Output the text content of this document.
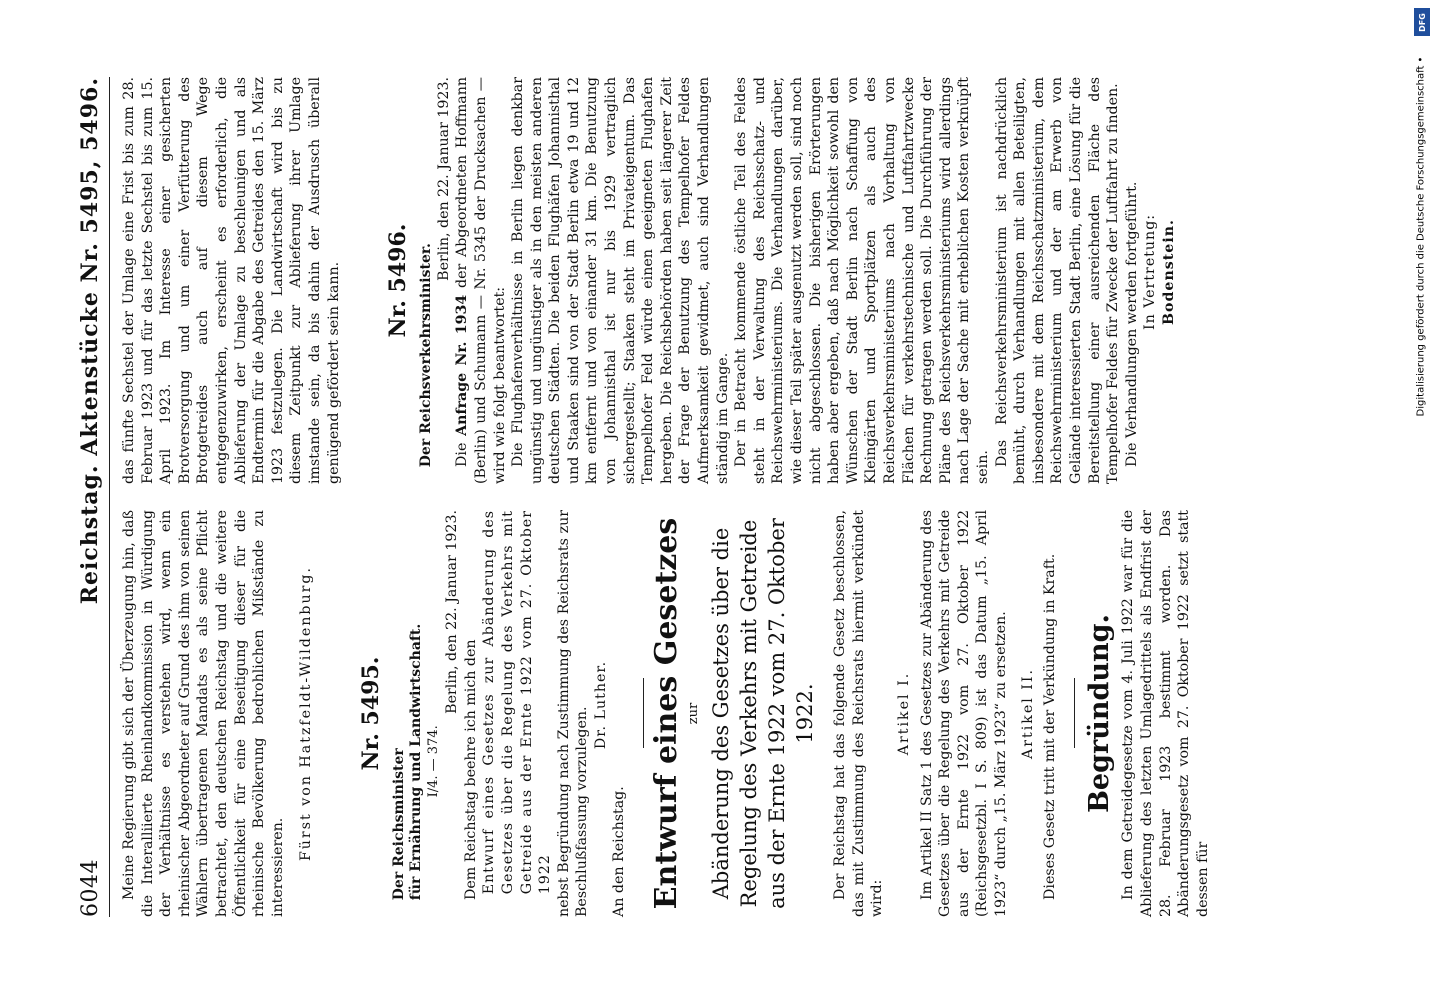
6044
Reichstag. Aktenstücke Nr. 5495, 5496.

Meine Regierung gibt sich der Überzeugung hin, daß die Interalliierte Rheinlandkommission in Würdigung der Verhältnisse es verstehen wird, wenn ein rheinischer Abgeordneter auf Grund des ihm von seinen Wählern übertragenen Mandats es als seine Pflicht betrachtet, den deutschen Reichstag und die weitere Öffentlichkeit für eine Beseitigung dieser für die rheinische Bevölkerung bedrohlichen Mißstände zu interessieren.

Fürst von Hatzfeldt-Wildenburg. Nr. 5495.

Der Reichsminister für Ernährung und Landwirtschaft. I/4. — 374.

Berlin, den 22. Januar 1923.

Dem Reichstag beehre ich mich den Entwurf eines Gesetzes zur Abänderung des Gesetzes über die Regelung des Verkehrs mit Getreide aus der Ernte 1922 vom 27. Oktober 1922 nebst Begründung nach Zustimmung des Reichsrats zur Beschlußfassung vorzulegen.

Dr. Luther.

An den Reichstag. Entwurf eines Gesetzes zur Abänderung des Gesetzes über die Regelung des Verkehrs mit Getreide aus der Ernte 1922 vom 27. Oktober 1922. Der Reichstag hat das folgende Gesetz beschlossen, das mit Zustimmung des Reichsrats hiermit verkündet wird:

Artikel I. Im Artikel II Satz 1 des Gesetzes zur Abänderung des Gesetzes über die Regelung des Verkehrs mit Getreide aus der Ernte 1922 vom 27. Oktober 1922 (Reichsgesetzbl. I S. 809) ist das Datum „15. April 1923“ durch „15. März 1923“ zu ersetzen. Artikel II. Dieses Gesetz tritt mit der Verkündung in Kraft. Begründung. In dem Getreidegesetze vom 4. Juli 1922 war für die Ablieferung des letzten Umlagedrittels als Endfrist der 28. Februar 1923 bestimmt worden. Das Abänderungsgesetz vom 27. Oktober 1922 setzt statt dessen für

das fünfte Sechstel der Umlage eine Frist bis zum 28. Februar 1923 und für das letzte Sechstel bis zum 15. April 1923. Im Interesse einer gesicherten Brotversorgung und um einer Verfütterung des Brotgetreides auch auf diesem Wege entgegenzuwirken, erscheint es erforderlich, die Ablieferung der Umlage zu beschleunigen und als Endtermin für die Abgabe des Getreides den 15. März 1923 festzulegen. Die Landwirtschaft wird bis zu diesem Zeitpunkt zur Ablieferung ihrer Umlage imstande sein, da bis dahin der Ausdrusch überall genügend gefördert sein kann. Nr. 5496. Der Reichsverkehrsminister.

Berlin, den 22. Januar 1923.

Die Anfrage Nr. 1934 der Abgeordneten Hoffmann (Berlin) und Schumann — Nr. 5345 der Drucksachen — wird wie folgt beantwortet: Die Flughafenverhältnisse in Berlin liegen denkbar ungünstig und ungünstiger als in den meisten anderen deutschen Städten. Die beiden Flughäfen Johannisthal und Staaken sind von der Stadt Berlin etwa 19 und 12 km entfernt und von einander 31 km. Die Benutzung von Johannisthal ist nur bis 1929 vertraglich sichergestellt; Staaken steht im Privateigentum. Das Tempelhofer Feld würde einen geeigneten Flughafen hergeben. Die Reichsbehörden haben seit längerer Zeit der Frage der Benutzung des Tempelhofer Feldes Aufmerksamkeit gewidmet, auch sind Verhandlungen ständig im Gange. Der in Betracht kommende östliche Teil des Feldes steht in der Verwaltung des Reichsschatz- und Reichswehrministeriums. Die Verhandlungen darüber, wie dieser Teil später ausgenutzt werden soll, sind noch nicht abgeschlossen. Die bisherigen Erörterungen haben aber ergeben, daß nach Möglichkeit sowohl den Wünschen der Stadt Berlin nach Schaffung von Kleingärten und Sportplätzen als auch des Reichsverkehrsministeriums nach Vorhaltung von Flächen für verkehrstechnische und Luftfahrtzwecke Rechnung getragen werden soll. Die Durchführung der Pläne des Reichsverkehrsministeriums wird allerdings nach Lage der Sache mit erheblichen Kosten verknüpft sein.

Das Reichsverkehrsministerium ist nachdrücklich bemüht, durch Verhandlungen mit allen Beteiligten, insbesondere mit dem Reichsschatzministerium, dem Reichswehrministerium und der am Erwerb von Gelände interessierten Stadt Berlin, eine Lösung für die Bereitstellung einer ausreichenden Fläche des Tempelhofer Feldes für Zwecke der Luftfahrt zu finden. Die Verhandlungen werden fortgeführt. In Vertretung: Bodenstein.

DFG
Digitalisierung gefördert durch die Deutsche Forschungsgemeinschaft •
